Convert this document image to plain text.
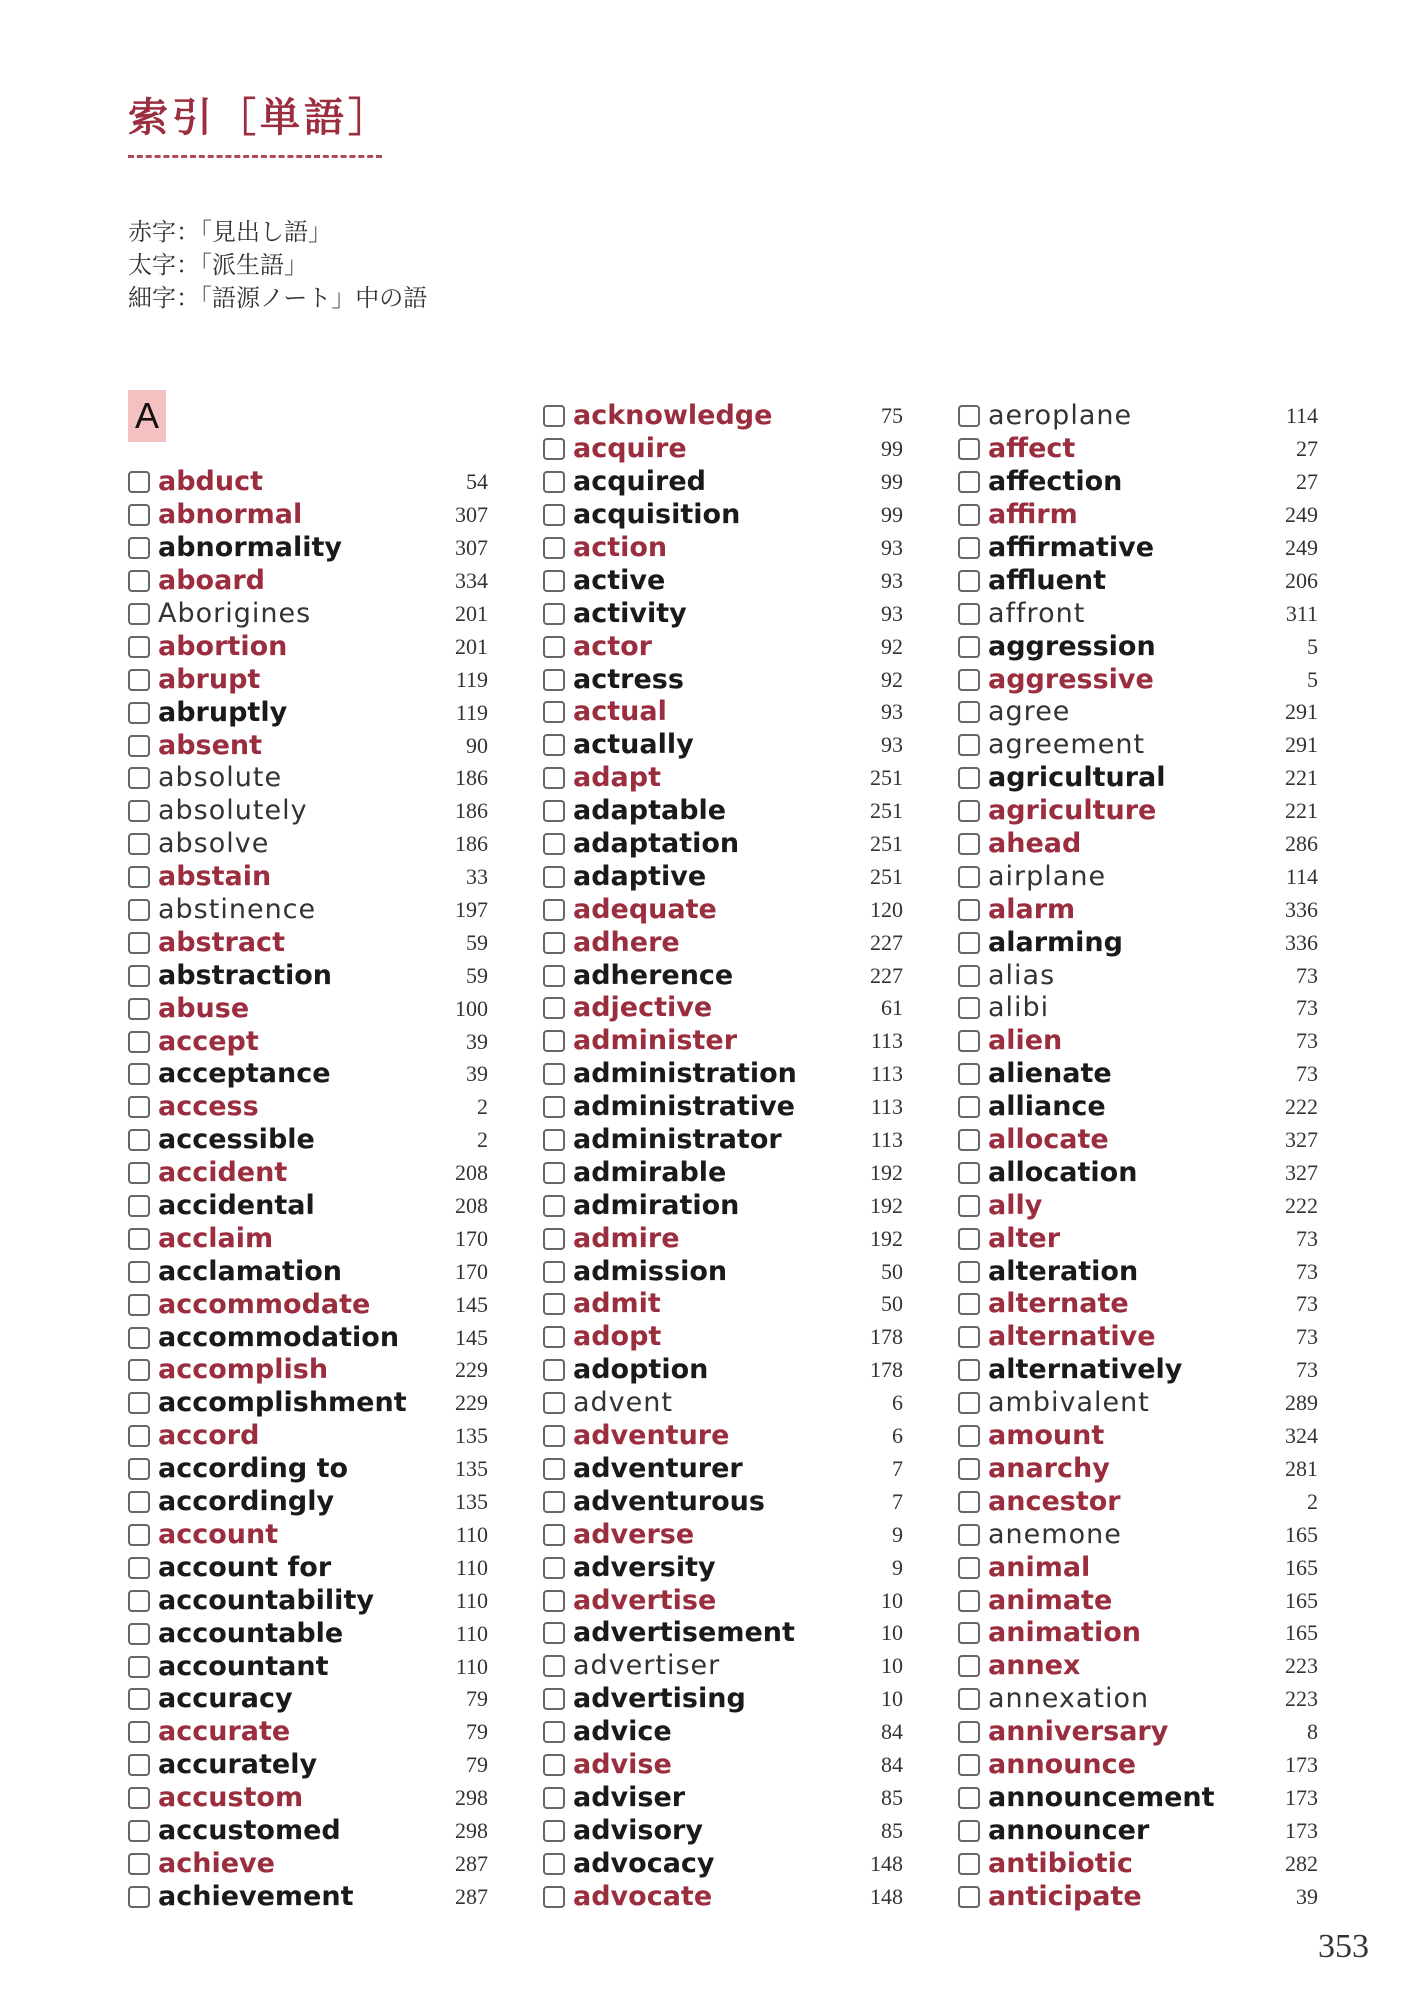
索引［単語］
赤字：「見出し語」
太字：「派生語」
細字：「語源ノート」中の語
A
abduct	54
abnormal	307
abnormality	307
aboard	334
Aborigines	201
abortion	201
abrupt	119
abruptly	119
absent	90
absolute	186
absolutely	186
absolve	186
abstain	33
abstinence	197
abstract	59
abstraction	59
abuse	100
accept	39
acceptance	39
access	2
accessible	2
accident	208
accidental	208
acclaim	170
acclamation	170
accommodate	145
accommodation	145
accomplish	229
accomplishment 229
accord	135
according to	135
accordingly	135
account	110
account for	110
accountability	110
accountable	110
accountant	110
accuracy	79
accurate	79
accurately	79
accustom	298
accustomed	298
achieve	287
achievement	287
acknowledge	75
acquire	99
acquired	99
acquisition	99
action	93
active	93
activity	93
actor	92
actress	92
actual	93
actually	93
adapt	251
adaptable	251
adaptation	251
adaptive	251
adequate	120
adhere	227
adherence	227
adjective	61
administer	113
administration	113
administrative	113
administrator	113
admirable	192
admiration	192
admire	192
admission	50
admit	50
adopt	178
adoption	178
advent	6
adventure	6
adventurer	7
adventurous	7
adverse	9
adversity	9
advertise	10
advertisement	10
advertiser	10
advertising	10
advice	84
advise	84
adviser	85
advisory	85
advocacy	148
advocate	148
aeroplane	114
affect	27
affection	27
affirm	249
affirmative	249
affluent	206
affront	311
aggression	5
aggressive	5
agree	291
agreement	291
agricultural	221
agriculture	221
ahead	286
airplane	114
alarm	336
alarming	336
alias	73
alibi	73
alien	73
alienate	73
alliance	222
allocate	327
allocation	327
ally	222
alter	73
alteration	73
alternate	73
alternative	73
alternatively	73
ambivalent	289
amount	324
anarchy	281
ancestor	2
anemone	165
animal	165
animate	165
animation	165
annex	223
annexation	223
anniversary	8
announce	173
announcement	173
announcer	173
antibiotic	282
anticipate	39
353
